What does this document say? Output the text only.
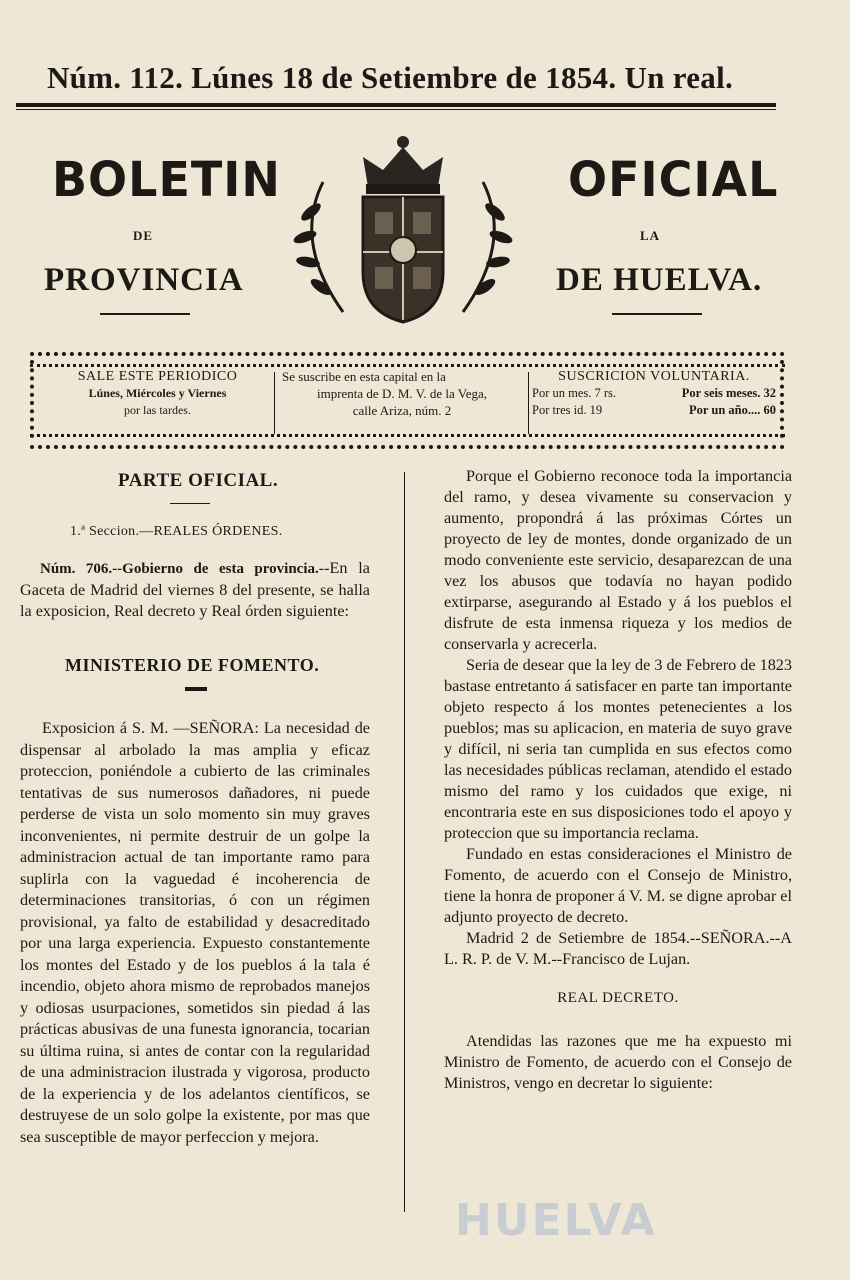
Núm. 112. Lúnes 18 de Setiembre de 1854. Un real.
BOLETIN	OFICIAL
DE	LA
PROVINCIA	DE HUELVA.
SALE ESTE PERIODICO
Lúnes, Miércoles y Viernes
por las tardes.
Se suscribe en esta capital en la
imprenta de D. M. V. de la Vega,
calle Ariza, núm. 2
SUSCRICION VOLUNTARIA.
Por un mes. 7 rs.	Por seis meses. 32
Por tres id. 19	Por un año.... 60
PARTE OFICIAL.
1.ª Seccion.—REALES ÓRDENES.

Núm. 706.--Gobierno de esta provincia.--En la Gaceta de Madrid del viernes 8 del presente, se halla la exposicion, Real decreto y Real órden siguiente:

MINISTERIO DE FOMENTO.

Exposicion á S. M. —SEÑORA: La necesidad de dispensar al arbolado la mas amplia y eficaz proteccion, poniéndole a cubierto de las criminales tentativas de sus numerosos dañadores, ni puede perderse de vista un solo momento sin muy graves inconvenientes, ni permite destruir de un golpe la administracion actual de tan importante ramo para suplirla con la vaguedad é incoherencia de determinaciones transitorias, ó con un régimen provisional, ya falto de estabilidad y desacreditado por una larga experiencia. Expuesto constantemente los montes del Estado y de los pueblos á la tala é incendio, objeto ahora mismo de reprobados manejos y odiosas usurpaciones, sometidos sin piedad á las prácticas abusivas de una funesta ignorancia, tocarian su última ruina, si antes de contar con la regularidad de una administracion ilustrada y vigorosa, producto de la experiencia y de los adelantos científicos, se destruyese de un solo golpe la existente, por mas que sea susceptible de mayor perfeccion y mejora.

Porque el Gobierno reconoce toda la importancia del ramo, y desea vivamente su conservacion y aumento, propondrá á las próximas Córtes un proyecto de ley de montes, donde organizado de un modo conveniente este servicio, desaparezcan de una vez los abusos que todavía no hayan podido extirparse, asegurando al Estado y á los pueblos el disfrute de esta inmensa riqueza y los medios de conservarla y acrecerla.

Seria de desear que la ley de 3 de Febrero de 1823 bastase entretanto á satisfacer en parte tan importante objeto respecto á los montes petenecientes a los pueblos; mas su aplicacion, en materia de suyo grave y difícil, ni seria tan cumplida en sus efectos como las necesidades públicas reclaman, atendido el estado mismo del ramo y los cuidados que exige, ni encontraria este en sus disposiciones todo el apoyo y proteccion que su importancia reclama.

Fundado en estas consideraciones el Ministro de Fomento, de acuerdo con el Consejo de Ministro, tiene la honra de proponer á V. M. se digne aprobar el adjunto proyecto de decreto.

Madrid 2 de Setiembre de 1854.--SEÑORA.--A L. R. P. de V. M.--Francisco de Lujan.

REAL DECRETO.

Atendidas las razones que me ha expuesto mi Ministro de Fomento, de acuerdo con el Consejo de Ministros, vengo en decretar lo siguiente:

HUELVA
